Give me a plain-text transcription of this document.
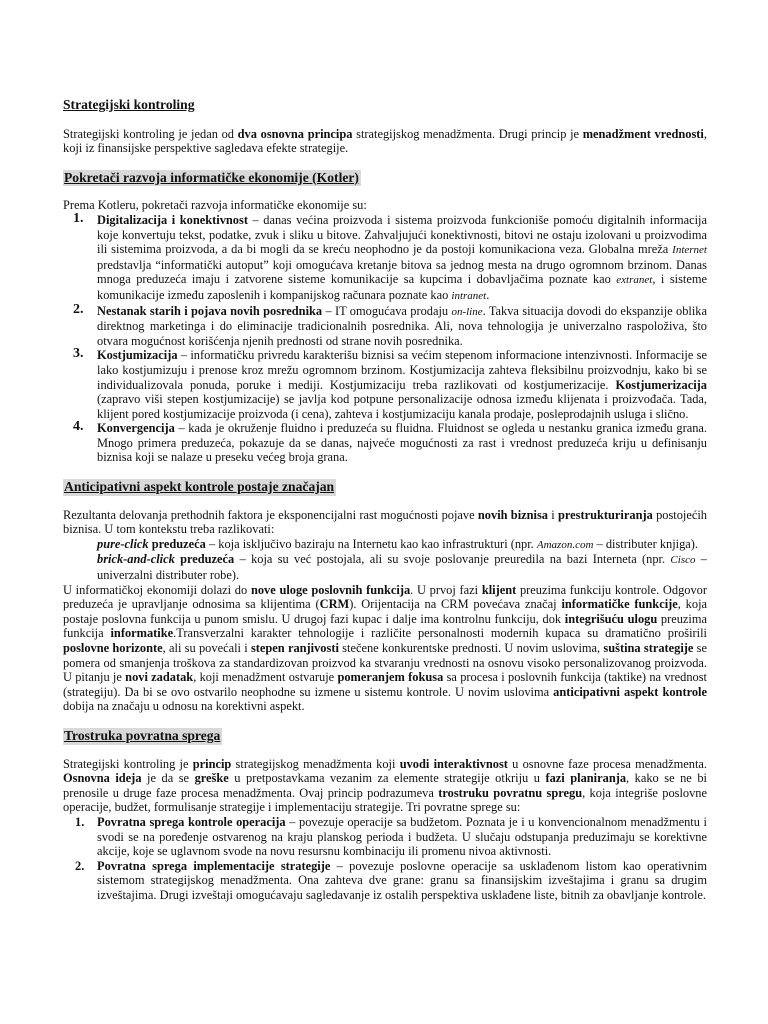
Strategijski kontroling

Strategijski kontroling je jedan od dva osnovna principa strategijskog menadžmenta. Drugi princip je menadžment vrednosti, koji iz finansijske perspektive sagledava efekte strategije.

Pokretači razvoja informatičke ekonomije (Kotler)

Prema Kotleru, pokretači razvoja informatičke ekonomije su:

1. Digitalizacija i konektivnost – danas većina proizvoda i sistema proizvoda funkcioniše pomoću digitalnih informacija koje konvertuju tekst, podatke, zvuk i sliku u bitove. Zahvaljujući konektivnosti, bitovi ne ostaju izolovani u proizvodima ili sistemima proizvoda, a da bi mogli da se kreću neophodno je da postoji komunikaciona veza. Globalna mreža Internet predstavlja “informatički autoput” koji omogućava kretanje bitova sa jednog mesta na drugo ogromnom brzinom. Danas mnoga preduzeća imaju i zatvorene sisteme komunikacije sa kupcima i dobavljačima poznate kao extranet, i sisteme komunikacije između zaposlenih i kompanijskog računara poznate kao intranet.
2. Nestanak starih i pojava novih posrednika – IT omogućava prodaju on-line. Takva situacija dovodi do ekspanzije oblika direktnog marketinga i do eliminacije tradicionalnih posrednika. Ali, nova tehnologija je univerzalno raspoloživa, što otvara mogućnost korišćenja njenih prednosti od strane novih posrednika.
3. Kostjumizacija – informatičku privredu karakterišu biznisi sa većim stepenom informacione intenzivnosti. Informacije se lako kostjumizuju i prenose kroz mrežu ogromnom brzinom. Kostjumizacija zahteva fleksibilnu proizvodnju, kako bi se individualizovala ponuda, poruke i mediji. Kostjumizaciju treba razlikovati od kostjumerizacije. Kostjumerizacija (zapravo viši stepen kostjumizacije) se javlja kod potpune personalizacije odnosa između klijenata i proizvođača. Tada, klijent pored kostjumizacije proizvoda (i cena), zahteva i kostjumizaciju kanala prodaje, posleprodajnih usluga i slično.
4. Konvergencija – kada je okruženje fluidno i preduzeća su fluidna. Fluidnost se ogleda u nestanku granica između grana. Mnogo primera preduzeća, pokazuje da se danas, najveće mogućnosti za rast i vrednost preduzeća kriju u definisanju biznisa koji se nalaze u preseku većeg broja grana.
Anticipativni aspekt kontrole postaje značajan

Rezultanta delovanja prethodnih faktora je eksponencijalni rast mogućnosti pojave novih biznisa i prestrukturiranja postojećih biznisa. U tom kontekstu treba razlikovati:

pure-click preduzeća – koja isključivo baziraju na Internetu kao kao infrastrukturi (npr. Amazon.com – distributer knjiga).
brick-and-click preduzeća – koja su već postojala, ali su svoje poslovanje preuredila na bazi Interneta (npr. Cisco – univerzalni distributer robe).

U informatičkoj ekonomiji dolazi do nove uloge poslovnih funkcija. U prvoj fazi klijent preuzima funkciju kontrole. Odgovor preduzeća je upravljanje odnosima sa klijentima (CRM). Orijentacija na CRM povećava značaj informatičke funkcije, koja postaje poslovna funkcija u punom smislu. U drugoj fazi kupac i dalje ima kontrolnu funkciju, dok integrišuću ulogu preuzima funkcija informatike.Transverzalni karakter tehnologije i različite personalnosti modernih kupaca su dramatično proširili poslovne horizonte, ali su povećali i stepen ranjivosti stečene konkurentske prednosti. U novim uslovima, suština strategije se pomera od smanjenja troškova za standardizovan proizvod ka stvaranju vrednosti na osnovu visoko personalizovanog proizvoda. U pitanju je novi zadatak, koji menadžment ostvaruje pomeranjem fokusa sa procesa i poslovnih funkcija (taktike) na vrednost (strategiju). Da bi se ovo ostvarilo neophodne su izmene u sistemu kontrole. U novim uslovima anticipativni aspekt kontrole dobija na značaju u odnosu na korektivni aspekt.

Trostruka povratna sprega

Strategijski kontroling je princip strategijskog menadžmenta koji uvodi interaktivnost u osnovne faze procesa menadžmenta. Osnovna ideja je da se greške u pretpostavkama vezanim za elemente strategije otkriju u fazi planiranja, kako se ne bi prenosile u druge faze procesa menadžmenta. Ovaj princip podrazumeva trostruku povratnu spregu, koja integriše poslovne operacije, budžet, formulisanje strategije i implementaciju strategije. Tri povratne sprege su:

1. Povratna sprega kontrole operacija – povezuje operacije sa budžetom. Poznata je i u konvencionalnom menadžmentu i svodi se na poređenje ostvarenog na kraju planskog perioda i budžeta. U slučaju odstupanja preduzimaju se korektivne akcije, koje se uglavnom svode na novu resursnu kombinaciju ili promenu nivoa aktivnosti.
2. Povratna sprega implementacije strategije – povezuje poslovne operacije sa usklađenom listom kao operativnim sistemom strategijskog menadžmenta. Ona zahteva dve grane: granu sa finansijskim izveštajima i granu sa drugim izveštajima. Drugi izveštaji omogućavaju sagledavanje iz ostalih perspektiva usklađene liste, bitnih za obavljanje kontrole.
